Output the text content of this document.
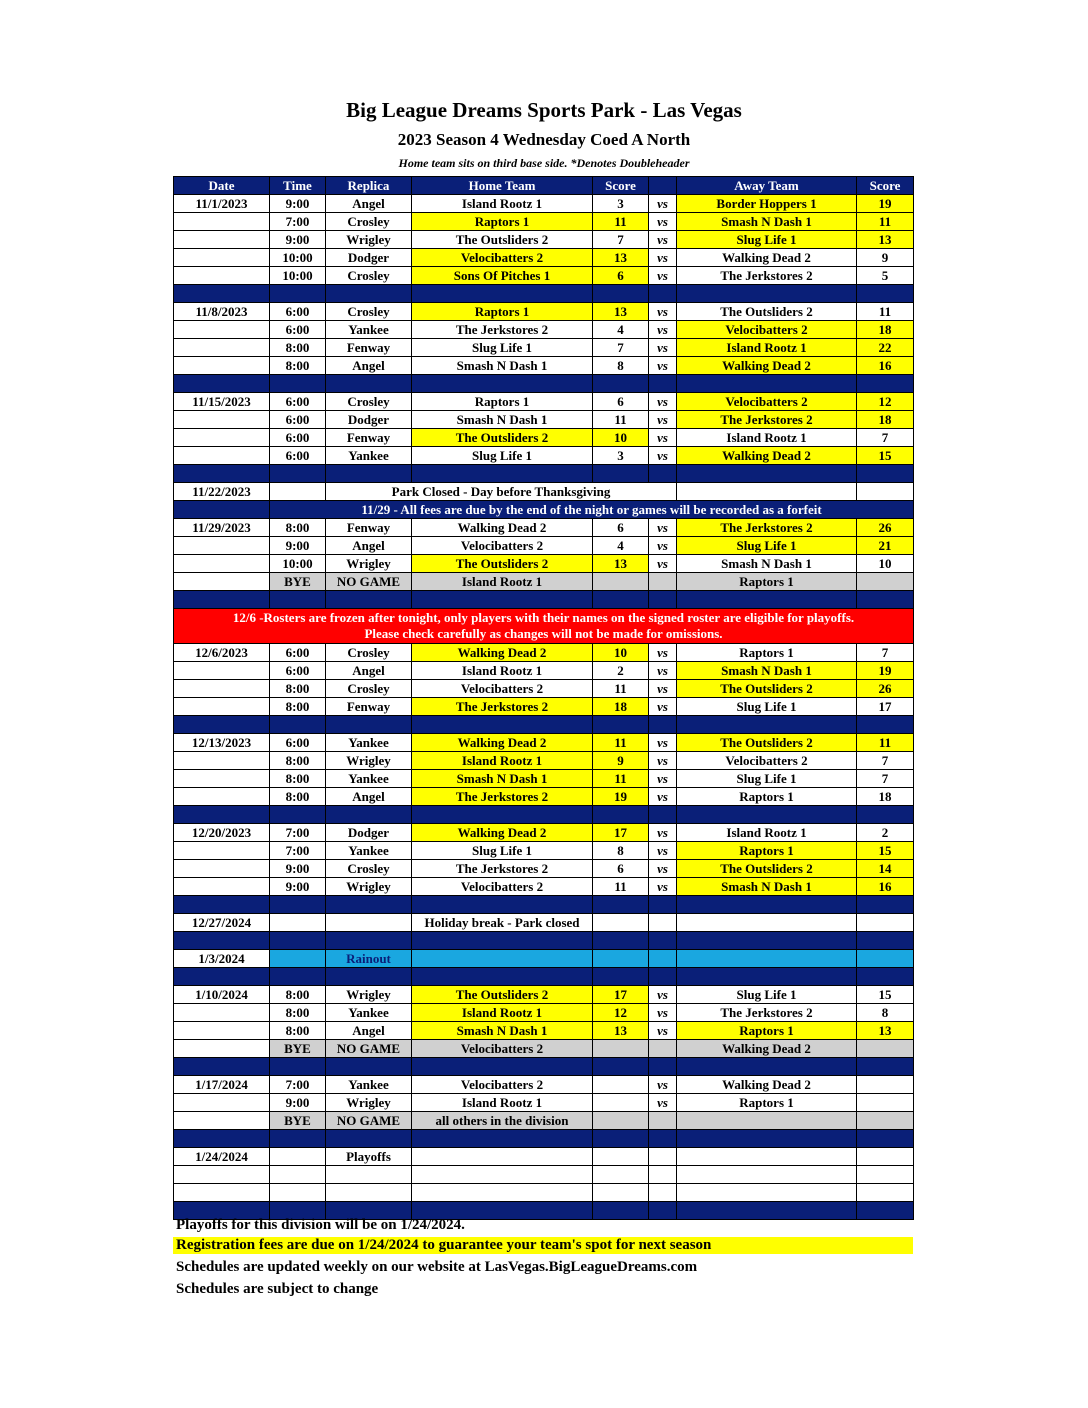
Big League Dreams Sports Park - Las Vegas
2023 Season 4 Wednesday Coed A North
Home team sits on third base side. *Denotes Doubleheader
Date	Time	Replica	Home Team	Score		Away Team	Score
11/1/2023	9:00	Angel	Island Rootz 1	3	vs	Border Hoppers 1	19
	7:00	Crosley	Raptors 1	11	vs	Smash N Dash 1	11
	9:00	Wrigley	The Outsliders 2	7	vs	Slug Life 1	13
	10:00	Dodger	Velocibatters 2	13	vs	Walking Dead 2	9
	10:00	Crosley	Sons Of Pitches 1	6	vs	The Jerkstores 2	5

11/8/2023	6:00	Crosley	Raptors 1	13	vs	The Outsliders 2	11
	6:00	Yankee	The Jerkstores 2	4	vs	Velocibatters 2	18
	8:00	Fenway	Slug Life 1	7	vs	Island Rootz 1	22
	8:00	Angel	Smash N Dash 1	8	vs	Walking Dead 2	16

11/15/2023	6:00	Crosley	Raptors 1	6	vs	Velocibatters 2	12
	6:00	Dodger	Smash N Dash 1	11	vs	The Jerkstores 2	18
	6:00	Fenway	The Outsliders 2	10	vs	Island Rootz 1	7
	6:00	Yankee	Slug Life 1	3	vs	Walking Dead 2	15

11/22/2023		Park Closed - Day before Thanksgiving					
	11/29 - All fees are due by the end of the night or games will be recorded as a forfeit						
11/29/2023	8:00	Fenway	Walking Dead 2	6	vs	The Jerkstores 2	26
	9:00	Angel	Velocibatters 2	4	vs	Slug Life 1	21
	10:00	Wrigley	The Outsliders 2	13	vs	Smash N Dash 1	10
	BYE	NO GAME	Island Rootz 1			Raptors 1	

12/6 -Rosters are frozen after tonight, only players with their names on the signed roster are eligible for playoffs.
Please check carefully as changes will not be made for omissions.							

12/6/2023	6:00	Crosley	Walking Dead 2	10	vs	Raptors 1	7
	6:00	Angel	Island Rootz 1	2	vs	Smash N Dash 1	19
	8:00	Crosley	Velocibatters 2	11	vs	The Outsliders 2	26
	8:00	Fenway	The Jerkstores 2	18	vs	Slug Life 1	17

12/13/2023	6:00	Yankee	Walking Dead 2	11	vs	The Outsliders 2	11
	8:00	Wrigley	Island Rootz 1	9	vs	Velocibatters 2	7
	8:00	Yankee	Smash N Dash 1	11	vs	Slug Life 1	7
	8:00	Angel	The Jerkstores 2	19	vs	Raptors 1	18

12/20/2023	7:00	Dodger	Walking Dead 2	17	vs	Island Rootz 1	2
	7:00	Yankee	Slug Life 1	8	vs	Raptors 1	15
	9:00	Crosley	The Jerkstores 2	6	vs	The Outsliders 2	14
	9:00	Wrigley	Velocibatters 2	11	vs	Smash N Dash 1	16

12/27/2024			Holiday break - Park closed				

1/3/2024		Rainout					

1/10/2024	8:00	Wrigley	The Outsliders 2	17	vs	Slug Life 1	15
	8:00	Yankee	Island Rootz 1	12	vs	The Jerkstores 2	8
	8:00	Angel	Smash N Dash 1	13	vs	Raptors 1	13
	BYE	NO GAME	Velocibatters 2			Walking Dead 2	

1/17/2024	7:00	Yankee	Velocibatters 2		vs	Walking Dead 2	
	9:00	Wrigley	Island Rootz 1		vs	Raptors 1	
	BYE	NO GAME	all others in the division				

1/24/2024		Playoffs					

Playoffs for this division will be on 1/24/2024.
Registration fees are due on 1/24/2024 to guarantee your team's spot for next season
Schedules are updated weekly on our website at LasVegas.BigLeagueDreams.com
Schedules are subject to change
